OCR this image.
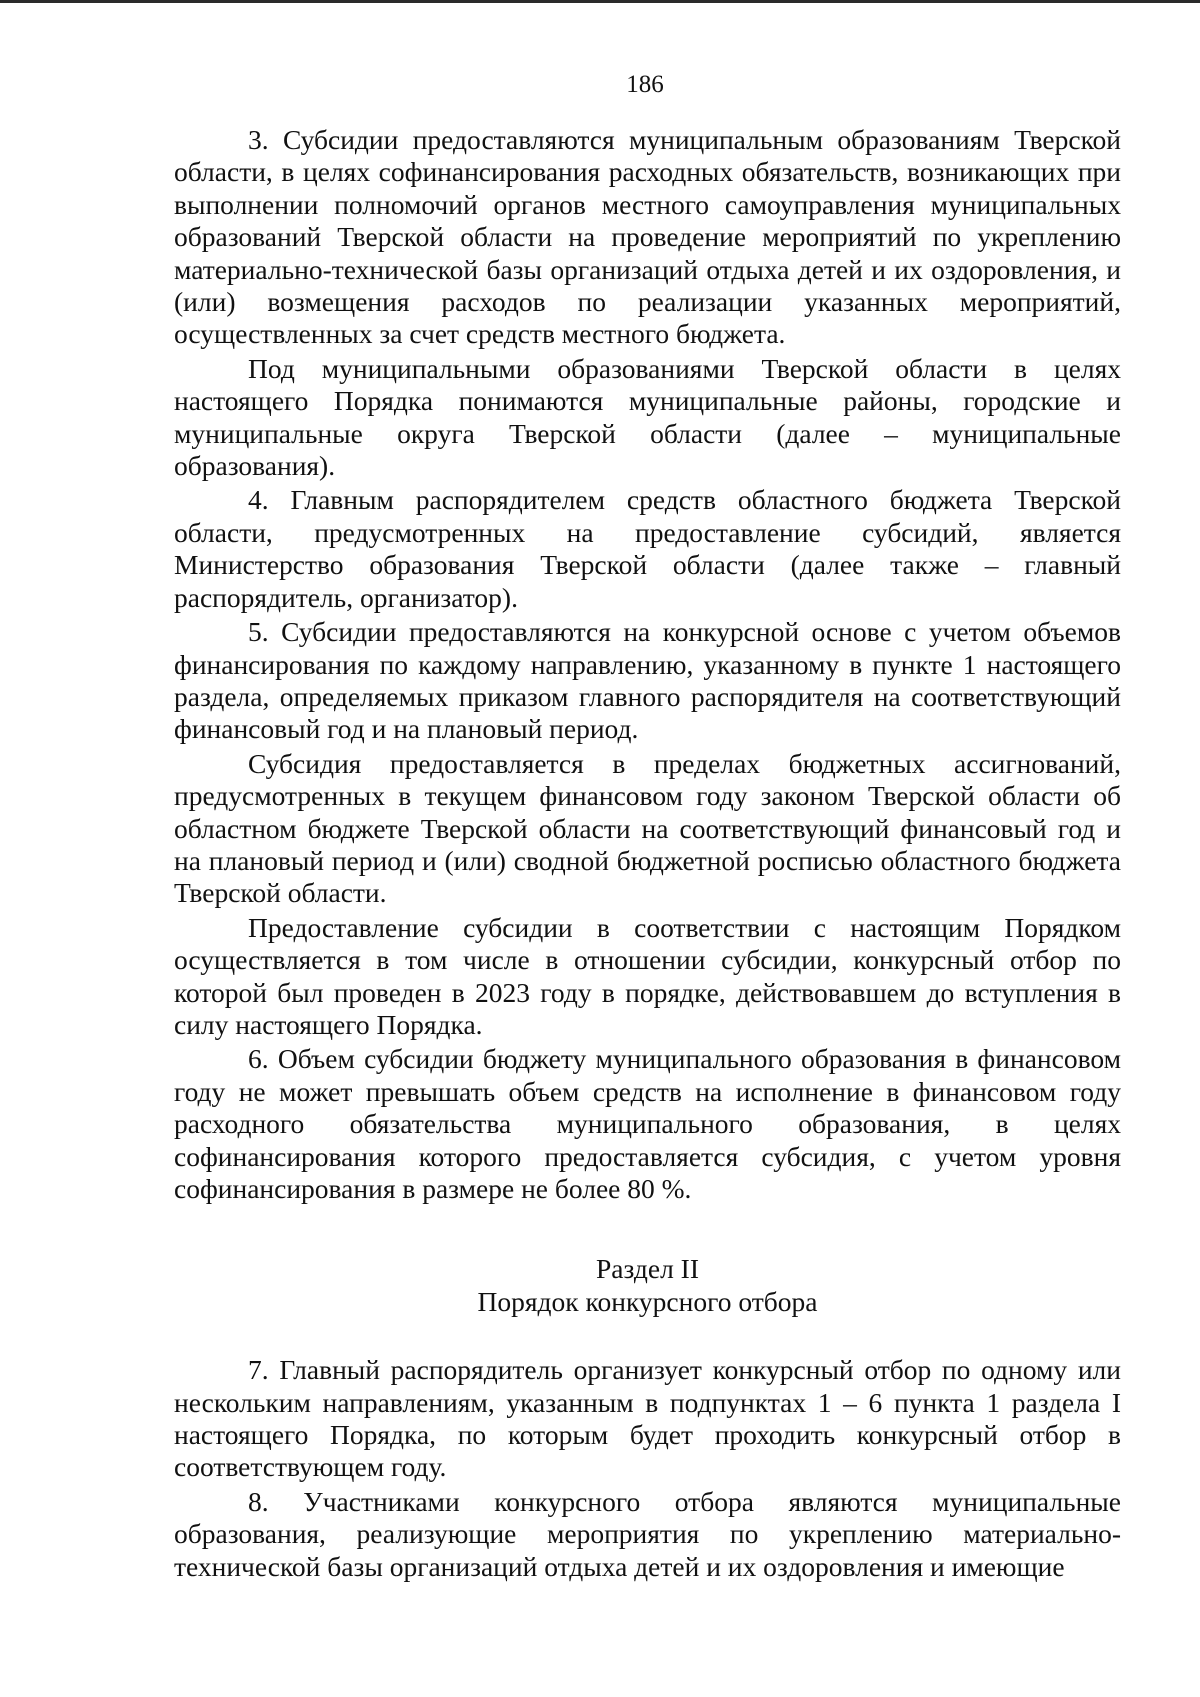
186

3. Субсидии предоставляются муниципальным образованиям Тверской области, в целях софинансирования расходных обязательств, возникающих при выполнении полномочий органов местного самоуправления муниципальных образований Тверской области на проведение мероприятий по укреплению материально-технической базы организаций отдыха детей и их оздоровления, и (или) возмещения расходов по реализации указанных мероприятий, осуществленных за счет средств местного бюджета.

Под муниципальными образованиями Тверской области в целях настоящего Порядка понимаются муниципальные районы, городские и муниципальные округа Тверской области (далее – муниципальные образования).

4. Главным распорядителем средств областного бюджета Тверской области, предусмотренных на предоставление субсидий, является Министерство образования Тверской области (далее также – главный распорядитель, организатор).

5. Субсидии предоставляются на конкурсной основе с учетом объемов финансирования по каждому направлению, указанному в пункте 1 настоящего раздела, определяемых приказом главного распорядителя на соответствующий финансовый год и на плановый период.

Субсидия предоставляется в пределах бюджетных ассигнований, предусмотренных в текущем финансовом году законом Тверской области об областном бюджете Тверской области на соответствующий финансовый год и на плановый период и (или) сводной бюджетной росписью областного бюджета Тверской области.

Предоставление субсидии в соответствии с настоящим Порядком осуществляется в том числе в отношении субсидии, конкурсный отбор по которой был проведен в 2023 году в порядке, действовавшем до вступления в силу настоящего Порядка.

6. Объем субсидии бюджету муниципального образования в финансовом году не может превышать объем средств на исполнение в финансовом году расходного обязательства муниципального образования, в целях софинансирования которого предоставляется субсидия, с учетом уровня софинансирования в размере не более 80 %.

Раздел II

Порядок конкурсного отбора

7. Главный распорядитель организует конкурсный отбор по одному или нескольким направлениям, указанным в подпунктах 1 – 6 пункта 1 раздела I настоящего Порядка, по которым будет проходить конкурсный отбор в соответствующем году.

8. Участниками конкурсного отбора являются муниципальные образования, реализующие мероприятия по укреплению материально-технической базы организаций отдыха детей и их оздоровления и имеющие
